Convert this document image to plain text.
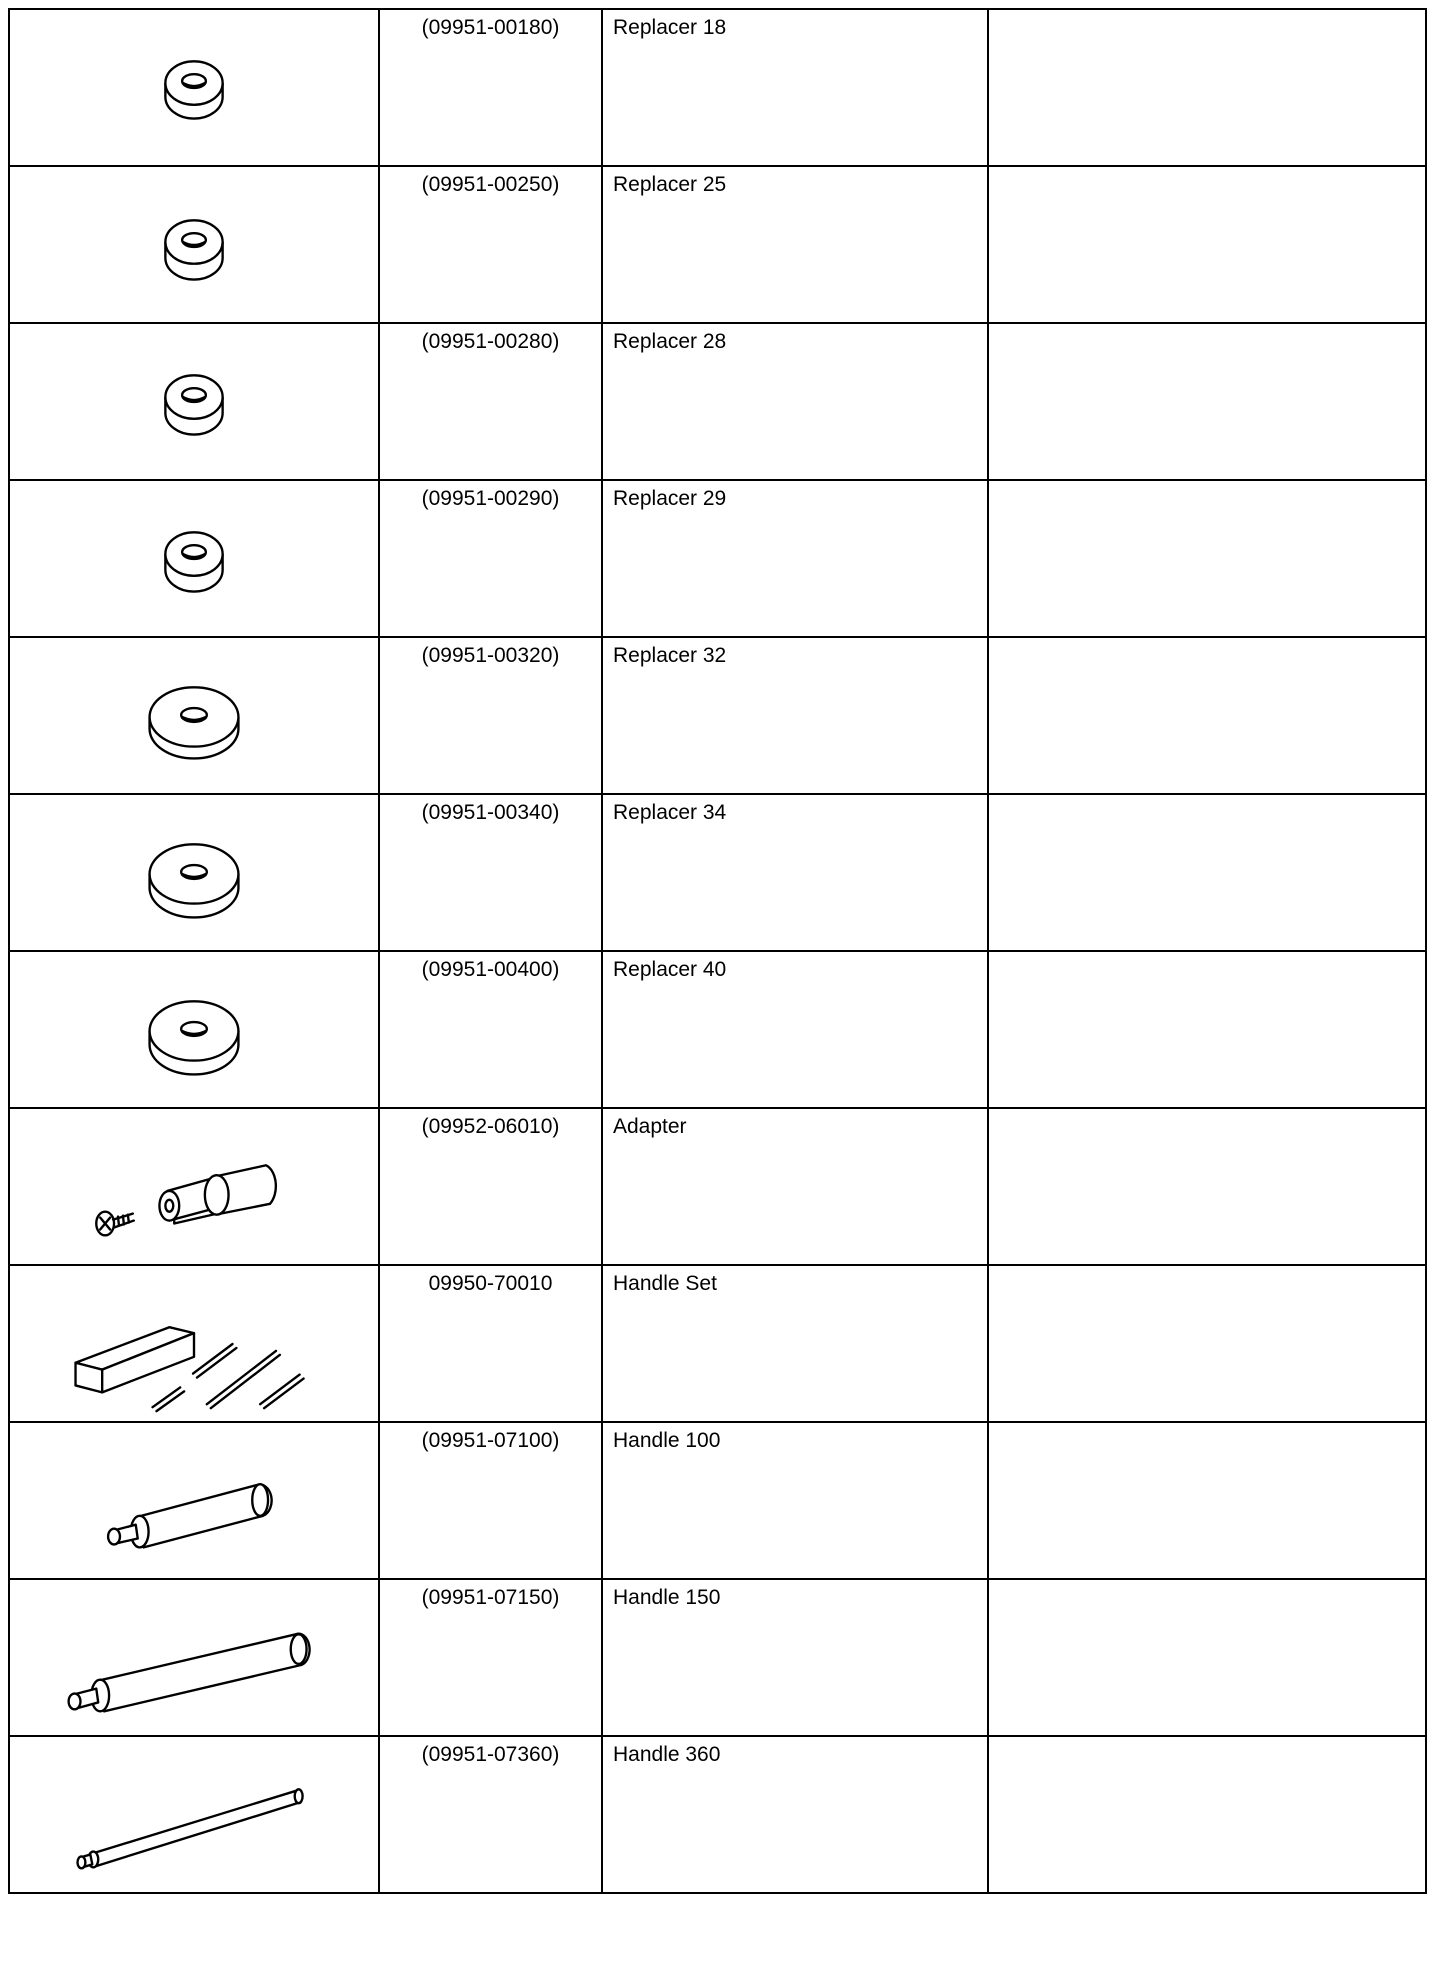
	(09951-00180)	Replacer 18	

	(09951-00250)	Replacer 25	

	(09951-00280)	Replacer 28	

	(09951-00290)	Replacer 29	

	(09951-00320)	Replacer 32	

	(09951-00340)	Replacer 34	

	(09951-00400)	Replacer 40	

	(09952-06010)	Adapter	

	09950-70010	Handle Set	

	(09951-07100)	Handle 100	

	(09951-07150)	Handle 150	

	(09951-07360)	Handle 360	
